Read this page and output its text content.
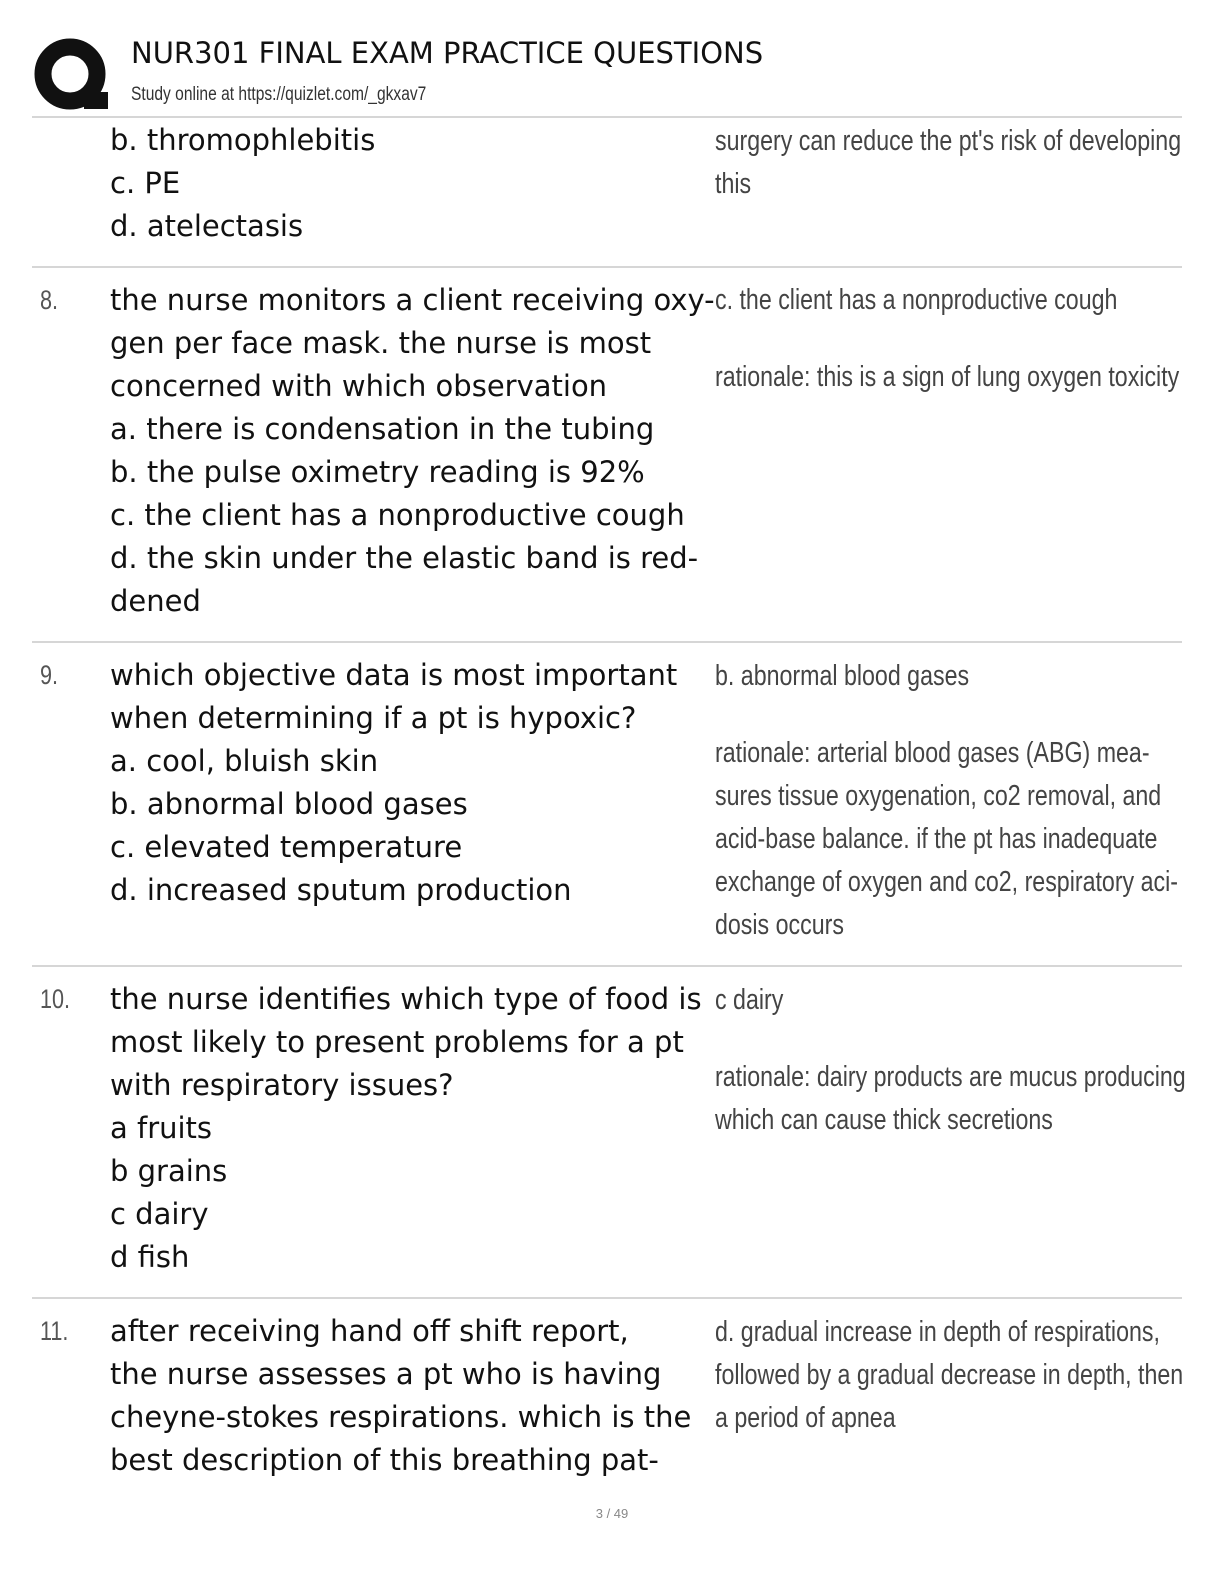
NUR301 FINAL EXAM PRACTICE QUESTIONS
Study online at https://quizlet.com/_gkxav7
b. thromophlebitis
c. PE
d. atelectasis
surgery can reduce the pt's risk of developing
this
8. the nurse monitors a client receiving oxy-
gen per face mask. the nurse is most
concerned with which observation
a. there is condensation in the tubing
b. the pulse oximetry reading is 92%
c. the client has a nonproductive cough
d. the skin under the elastic band is red-
dened
c. the client has a nonproductive cough
rationale: this is a sign of lung oxygen toxicity
9. which objective data is most important
when determining if a pt is hypoxic?
a. cool, bluish skin
b. abnormal blood gases
c. elevated temperature
d. increased sputum production
b. abnormal blood gases
rationale: arterial blood gases (ABG) mea-
sures tissue oxygenation, co2 removal, and
acid-base balance. if the pt has inadequate
exchange of oxygen and co2, respiratory aci-
dosis occurs
10. the nurse identifies which type of food is
most likely to present problems for a pt
with respiratory issues?
a fruits
b grains
c dairy
d fish
c dairy
rationale: dairy products are mucus producing
which can cause thick secretions
11. after receiving hand off shift report,
the nurse assesses a pt who is having
cheyne-stokes respirations. which is the
best description of this breathing pat-
d. gradual increase in depth of respirations,
followed by a gradual decrease in depth, then
a period of apnea
3 / 49
